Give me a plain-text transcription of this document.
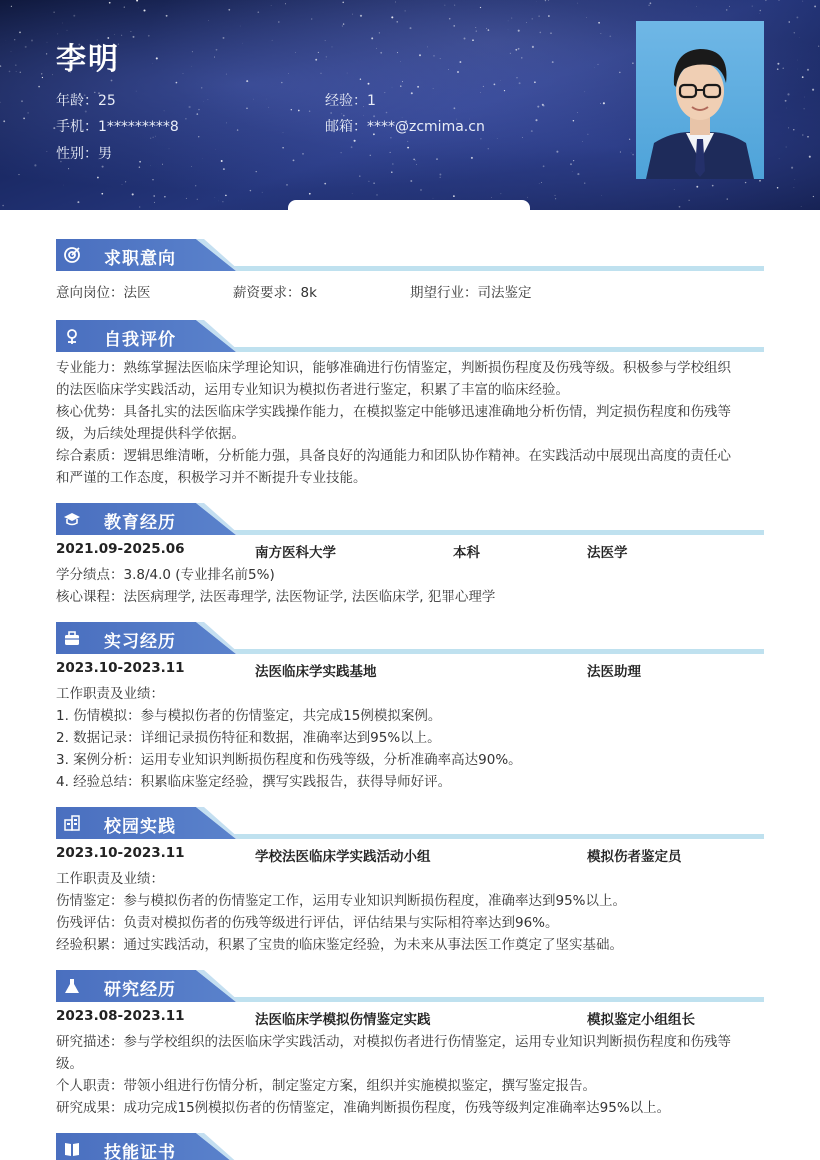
李明
年龄：25
手机：1*********8
性别：男
经验：1
邮箱：****@zcmima.cn
求职意向
意向岗位：法医	薪资要求：8k	期望行业：司法鉴定
自我评价
专业能力：熟练掌握法医临床学理论知识，能够准确进行伤情鉴定，判断损伤程度及伤残等级。积极参与学校组织
的法医临床学实践活动，运用专业知识为模拟伤者进行鉴定，积累了丰富的临床经验。
核心优势：具备扎实的法医临床学实践操作能力，在模拟鉴定中能够迅速准确地分析伤情，判定损伤程度和伤残等
级，为后续处理提供科学依据。
综合素质：逻辑思维清晰，分析能力强，具备良好的沟通能力和团队协作精神。在实践活动中展现出高度的责任心
和严谨的工作态度，积极学习并不断提升专业技能。
教育经历
2021.09-2025.06	南方医科大学	本科	法医学
学分绩点：3.8/4.0 (专业排名前5%)
核心课程：法医病理学, 法医毒理学, 法医物证学, 法医临床学, 犯罪心理学
实习经历
2023.10-2023.11	法医临床学实践基地	法医助理
工作职责及业绩：
1. 伤情模拟：参与模拟伤者的伤情鉴定，共完成15例模拟案例。
2. 数据记录：详细记录损伤特征和数据，准确率达到95%以上。
3. 案例分析：运用专业知识判断损伤程度和伤残等级，分析准确率高达90%。
4. 经验总结：积累临床鉴定经验，撰写实践报告，获得导师好评。
校园实践
2023.10-2023.11	学校法医临床学实践活动小组	模拟伤者鉴定员
工作职责及业绩：
伤情鉴定：参与模拟伤者的伤情鉴定工作，运用专业知识判断损伤程度，准确率达到95%以上。
伤残评估：负责对模拟伤者的伤残等级进行评估，评估结果与实际相符率达到96%。
经验积累：通过实践活动，积累了宝贵的临床鉴定经验，为未来从事法医工作奠定了坚实基础。
研究经历
2023.08-2023.11	法医临床学模拟伤情鉴定实践	模拟鉴定小组组长
研究描述：参与学校组织的法医临床学实践活动，对模拟伤者进行伤情鉴定，运用专业知识判断损伤程度和伤残等
级。
个人职责：带领小组进行伤情分析，制定鉴定方案，组织并实施模拟鉴定，撰写鉴定报告。
研究成果：成功完成15例模拟伤者的伤情鉴定，准确判断损伤程度，伤残等级判定准确率达95%以上。
技能证书
